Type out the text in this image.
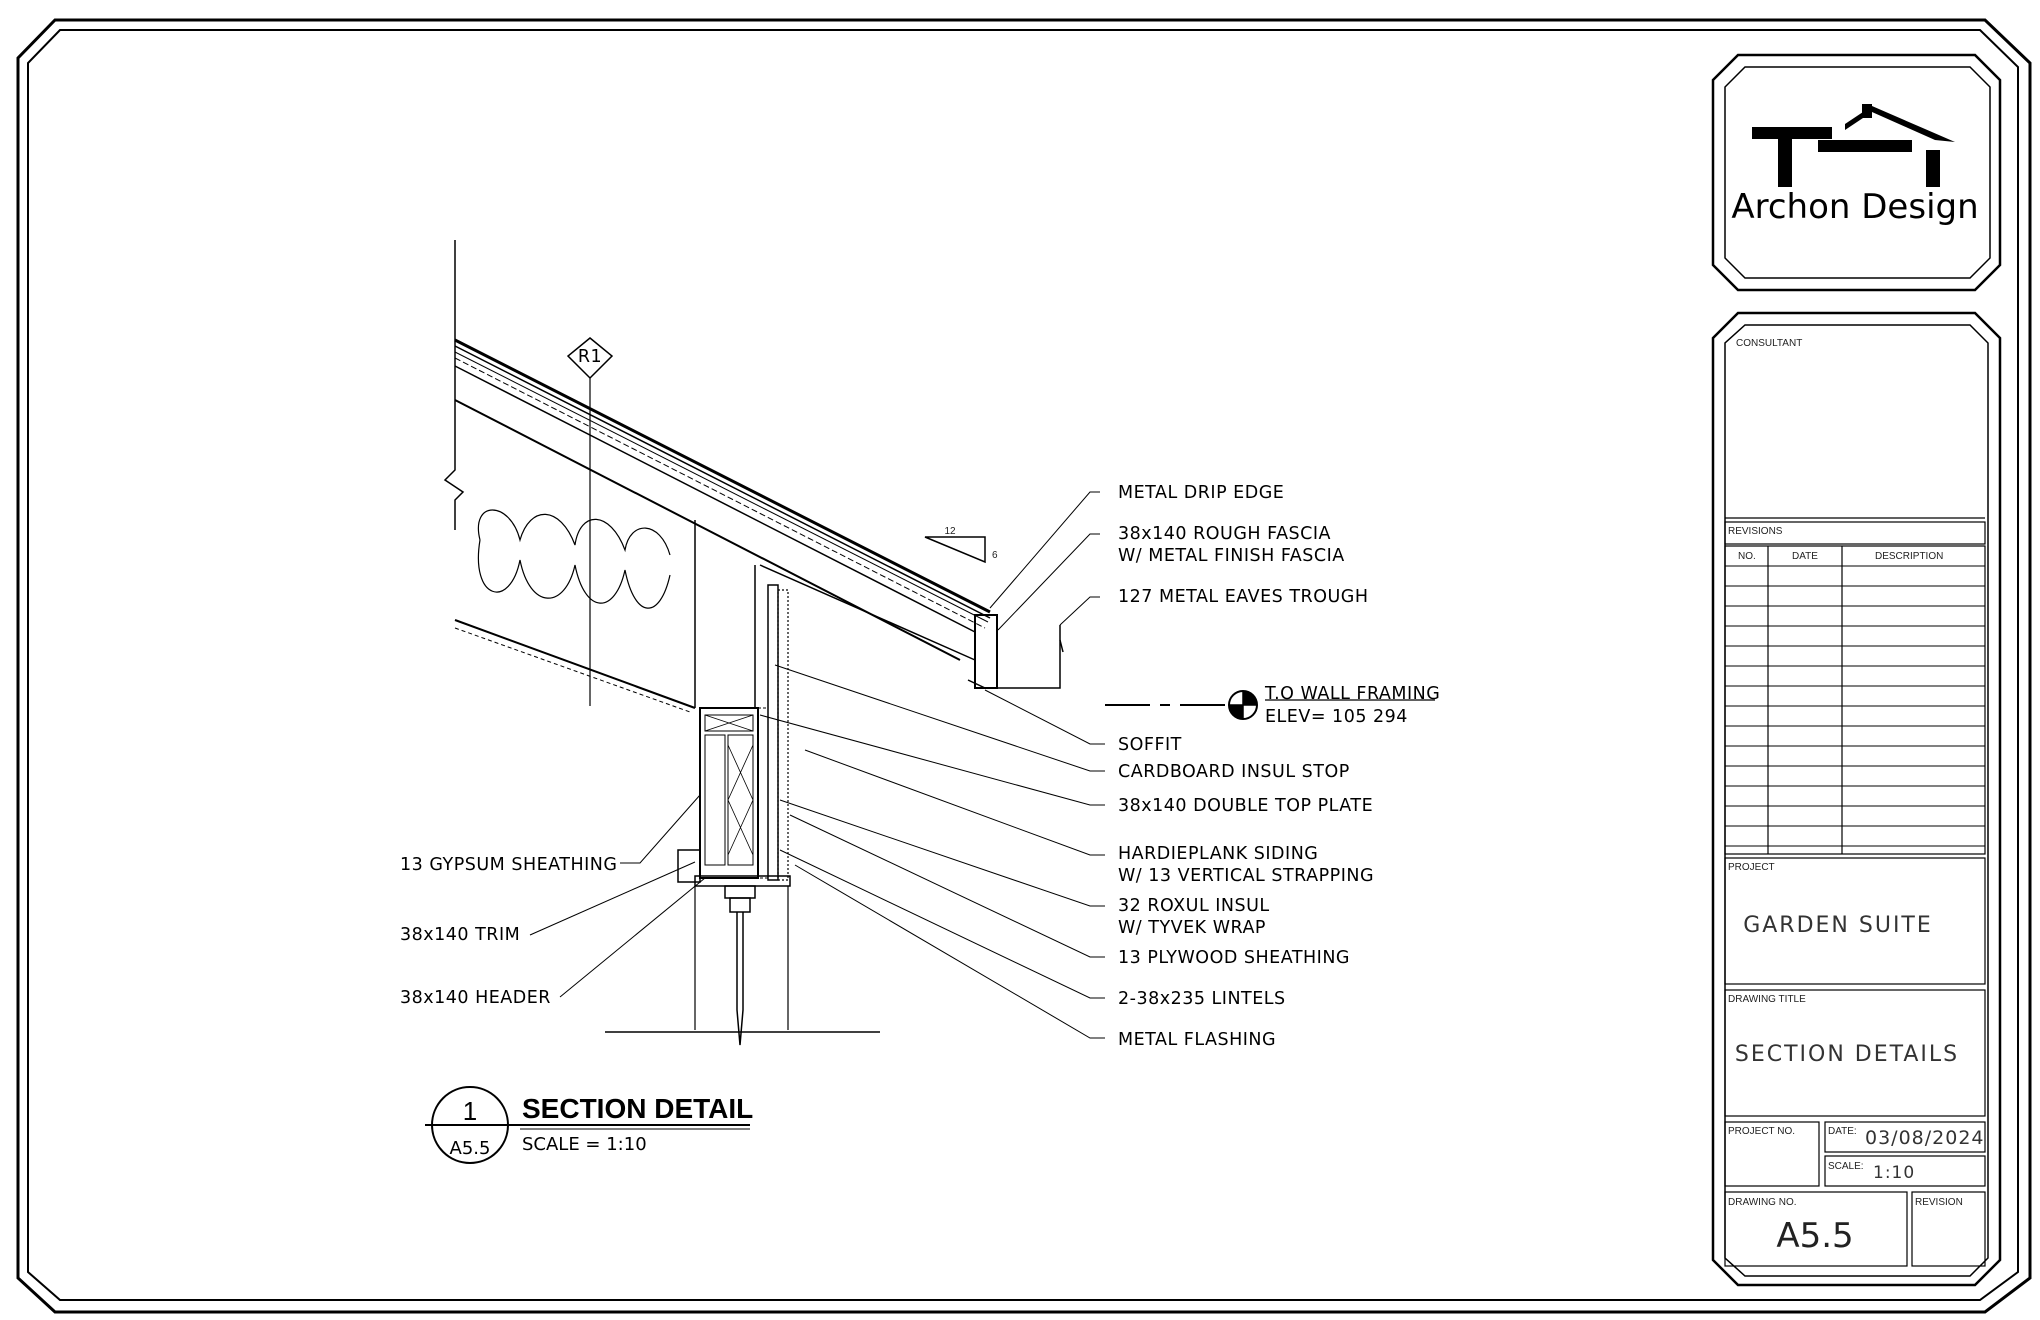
Archon Design
CONSULTANT
REVISIONS
NO.	DATE	DESCRIPTION
PROJECT
GARDEN SUITE
DRAWING TITLE
SECTION DETAILS
PROJECT NO.	DATE: 03/08/2024
SCALE: 1:10
DRAWING NO.
A5.5
REVISION
R1
12
6
T.O WALL FRAMING
ELEV= 105 294
METAL DRIP EDGE
38x140 ROUGH FASCIA
W/ METAL FINISH FASCIA
127 METAL EAVES TROUGH
SOFFIT
CARDBOARD INSUL STOP
38x140 DOUBLE TOP PLATE
HARDIEPLANK SIDING
W/ 13 VERTICAL STRAPPING
32 ROXUL INSUL
W/ TYVEK WRAP
13 PLYWOOD SHEATHING
2-38x235 LINTELS
METAL FLASHING
13 GYPSUM SHEATHING
38x140 TRIM
38x140 HEADER
1
A5.5
SECTION DETAIL
SCALE = 1:10
